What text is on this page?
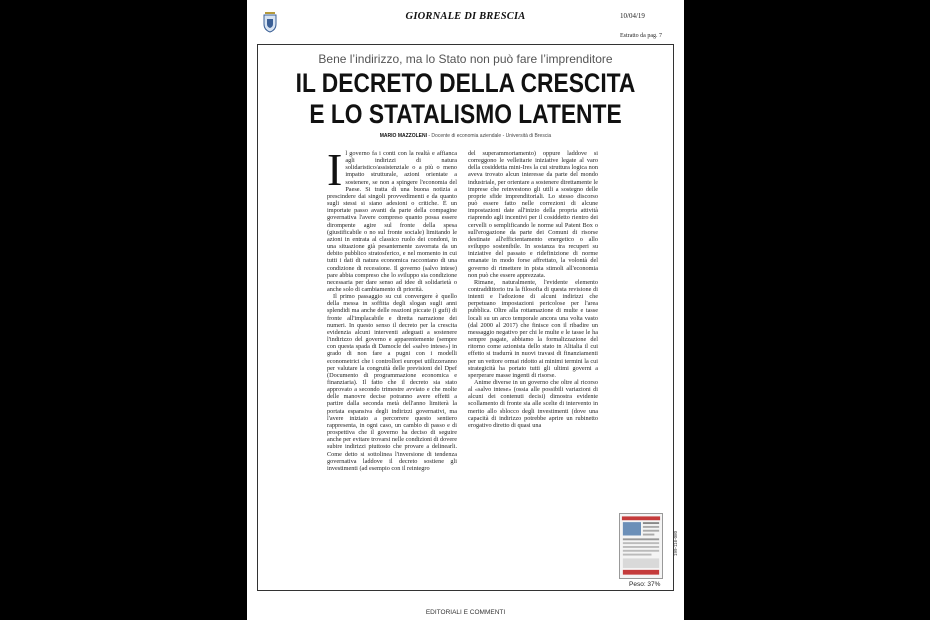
GIORNALE DI BRESCIA	10/04/19
Estratto da pag. 7
Bene l’indirizzo, ma lo Stato non può fare l’imprenditore
IL DECRETO DELLA CRESCITA
E LO STATALISMO LATENTE
MARIO MAZZOLENI - Docente di economia aziendale - Università di Brescia

Il governo fa i conti con la realtà e affianca agli indirizzi di natura solidaristico/assistenziale o a più o meno impatto strutturale, azioni orientate a sostenere, se non a spingere l'economia del Paese. Si tratta di una buona notizia a prescindere dai singoli provvedimenti e da quanto sugli stessi si siano adesioni o critiche. È un importate passo avanti da parte della compagine governativa l'avere compreso quanto possa essere dirompente agire sul fronte della spesa (giustificabile o no sul fronte sociale) limitando le azioni in entrata al classico ruolo dei condoni, in una situazione già pesantemente zavorrata da un debito pubblico stratosferico, e nel momento in cui tutti i dati di natura economica raccontano di una condizione di recessione. Il governo (salvo intese) pare abbia compreso che lo sviluppo sia condizione necessaria per dare senso ad idee di solidarietà o anche solo di cambiamento di priorità.

Il primo passaggio su cui convergere è quello della messa in soffitta degli slogan sugli anni splendidi ma anche delle reazioni piccate (i gufi) di fronte all'implacabile e diretta narrazione dei numeri. In questo senso il decreto per la crescita evidenzia alcuni interventi adeguati a sostenere l'indirizzo del governo e apparentemente (sempre con questa spada di Damocle del «salvo intese») in grado di non fare a pugni con i modelli econometrici che i controllori europei utilizzeranno per valutare la congruità delle previsioni del Dpef (Documento di programmazione economica e finanziaria). Il fatto che il decreto sia stato approvato a secondo trimestre avviato e che molte delle manovre decise potranno avere effetti a partire dalla seconda metà dell'anno limiterà la portata espansiva degli indirizzi governativi, ma l'avere iniziato a percorrere questo sentiero rappresenta, in ogni caso, un cambio di passo e di prospettiva che il governo ha deciso di seguire anche per evitare trovarsi nelle condizioni di dovere subire indirizzi piuttosto che provare a delinearli. Come detto si sottolinea l'inversione di tendenza governativa laddove il decreto sostiene gli investimenti (ad esempio con il reintegro

del superammortamento) oppure laddove si correggono le velleitarie iniziative legate al varo della cosiddetta mini-Ires la cui struttura logica non aveva trovato alcun interesse da parte del mondo industriale, per orientare a sostenere direttamente le imprese che reinvestono gli utili a sostegno delle proprie sfide imprenditoriali. Lo stesso discorso può essere fatto nelle correzioni di alcune impostazioni date all'inizio della propria attività riaprendo agli incentivi per il cosiddetto rientro dei cervelli o semplificando le norme sul Patent Box o sull'erogazione da parte dei Comuni di risorse destinate all'efficientamento energetico o allo sviluppo sostenibile. In sostanza tra recuperi su iniziative del passato e ridefinizione di norme emanate in modo forse affrettato, la volontà del governo di rimettere in pista stimoli all'economia non può che essere apprezzata.

Rimane, naturalmente, l'evidente elemento contraddittorio tra la filosofia di questa revisione di intenti e l'adozione di alcuni indirizzi che perpetuano impostazioni pericolose per l'area pubblica. Oltre alla rottamazione di multe e tasse locali su un arco temporale ancora una volta vasto (dal 2000 al 2017) che finisce con il ribadire un messaggio negativo per chi le multe e le tasse le ha sempre pagate, abbiamo la formalizzazione del ritorno come azionista dello stato in Alitalia il cui effetto si tradurrà in nuovi travasi di finanziamenti per un vettore ormai ridotto ai minimi termini la cui strategicità ha portato tutti gli ultimi governi a sperperare masse ingenti di risorse.

Anime diverse in un governo che oltre al ricorso al «salvo intese» (ossia alle possibili variazioni di alcuni dei contenuti decisi) dimostra evidente scollamento di fronte sia alle scelte di intervento in merito allo sblocco degli investimenti (dove una capacità di indirizzo potrebbe aprire un rubinetto erogativo diretto di quasi una

Peso: 37%
199-116-080
EDITORIALI E COMMENTI
